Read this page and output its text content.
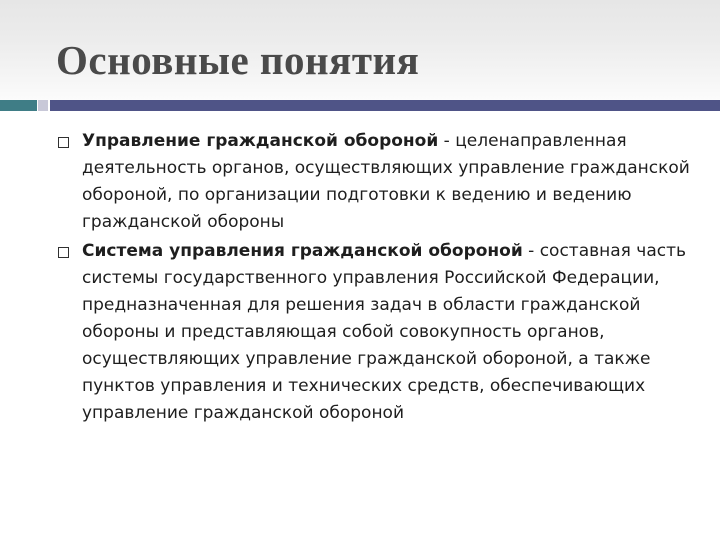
Основные понятия
Управление гражданской обороной - целенаправленная деятельность органов, осуществляющих управление гражданской обороной, по организации подготовки к ведению и ведению гражданской обороны
Система управления гражданской обороной - составная часть системы государственного управления Российской Федерации, предназначенная для решения задач в области гражданской обороны и представляющая собой совокупность органов, осуществляющих управление гражданской обороной, а также пунктов управления и технических средств, обеспечивающих управление гражданской обороной
